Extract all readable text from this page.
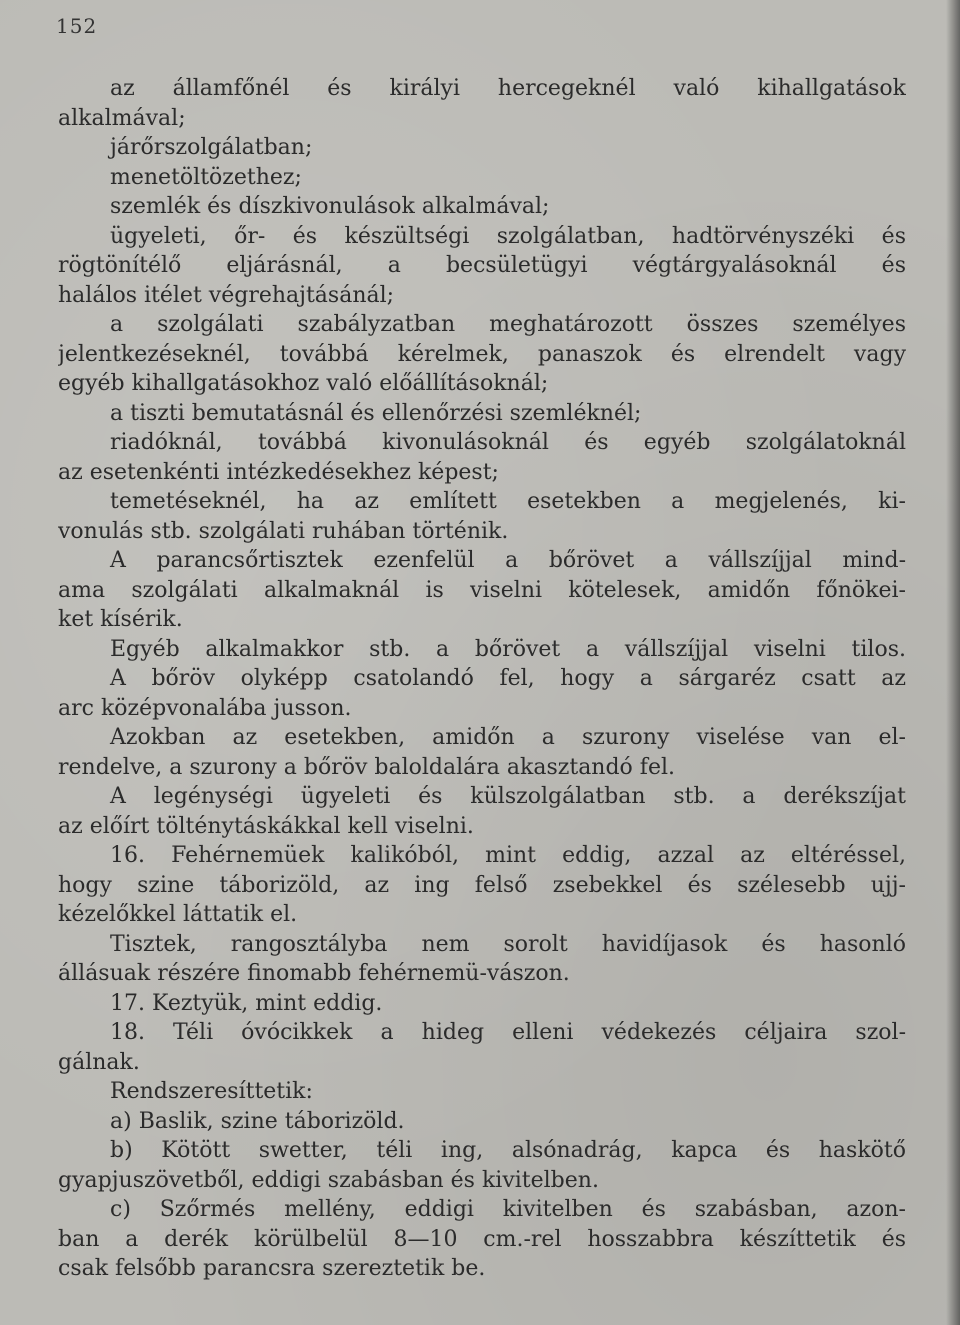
152
az államfőnél és királyi hercegeknél való kihallgatások
alkalmával;
járőrszolgálatban;
menetöltözethez;
szemlék és díszkivonulások alkalmával;
ügyeleti, őr- és készültségi szolgálatban, hadtörvényszéki és
rögtönítélő eljárásnál, a becsületügyi végtárgyalásoknál és
halálos itélet végrehajtásánál;
a szolgálati szabályzatban meghatározott összes személyes
jelentkezéseknél, továbbá kérelmek, panaszok és elrendelt vagy
egyéb kihallgatásokhoz való előállításoknál;
a tiszti bemutatásnál és ellenőrzési szemléknél;
riadóknál, továbbá kivonulásoknál és egyéb szolgálatoknál
az esetenkénti intézkedésekhez képest;
temetéseknél, ha az említett esetekben a megjelenés, ki-
vonulás stb. szolgálati ruhában történik.
A parancsőrtisztek ezenfelül a bőrövet a vállszíjjal mind-
ama szolgálati alkalmaknál is viselni kötelesek, amidőn főnökei-
ket kísérik.
Egyéb alkalmakkor stb. a bőrövet a vállszíjjal viselni tilos.
A bőröv olyképp csatolandó fel, hogy a sárgaréz csatt az
arc középvonalába jusson.
Azokban az esetekben, amidőn a szurony viselése van el-
rendelve, a szurony a bőröv baloldalára akasztandó fel.
A legénységi ügyeleti és külszolgálatban stb. a derékszíjat
az előírt tölténytáskákkal kell viselni.
16. Fehérnemüek kalikóból, mint eddig, azzal az eltéréssel,
hogy szine táborizöld, az ing felső zsebekkel és szélesebb ujj-
kézelőkkel láttatik el.
Tisztek, rangosztályba nem sorolt havidíjasok és hasonló
állásuak részére finomabb fehérnemü-vászon.
17. Keztyük, mint eddig.
18. Téli óvócikkek a hideg elleni védekezés céljaira szol-
gálnak.
Rendszeresíttetik:
a) Baslik, szine táborizöld.
b) Kötött swetter, téli ing, alsónadrág, kapca és haskötő
gyapjuszövetből, eddigi szabásban és kivitelben.
c) Szőrmés mellény, eddigi kivitelben és szabásban, azon-
ban a derék körülbelül 8—10 cm.-rel hosszabbra készíttetik és
csak felsőbb parancsra szereztetik be.
